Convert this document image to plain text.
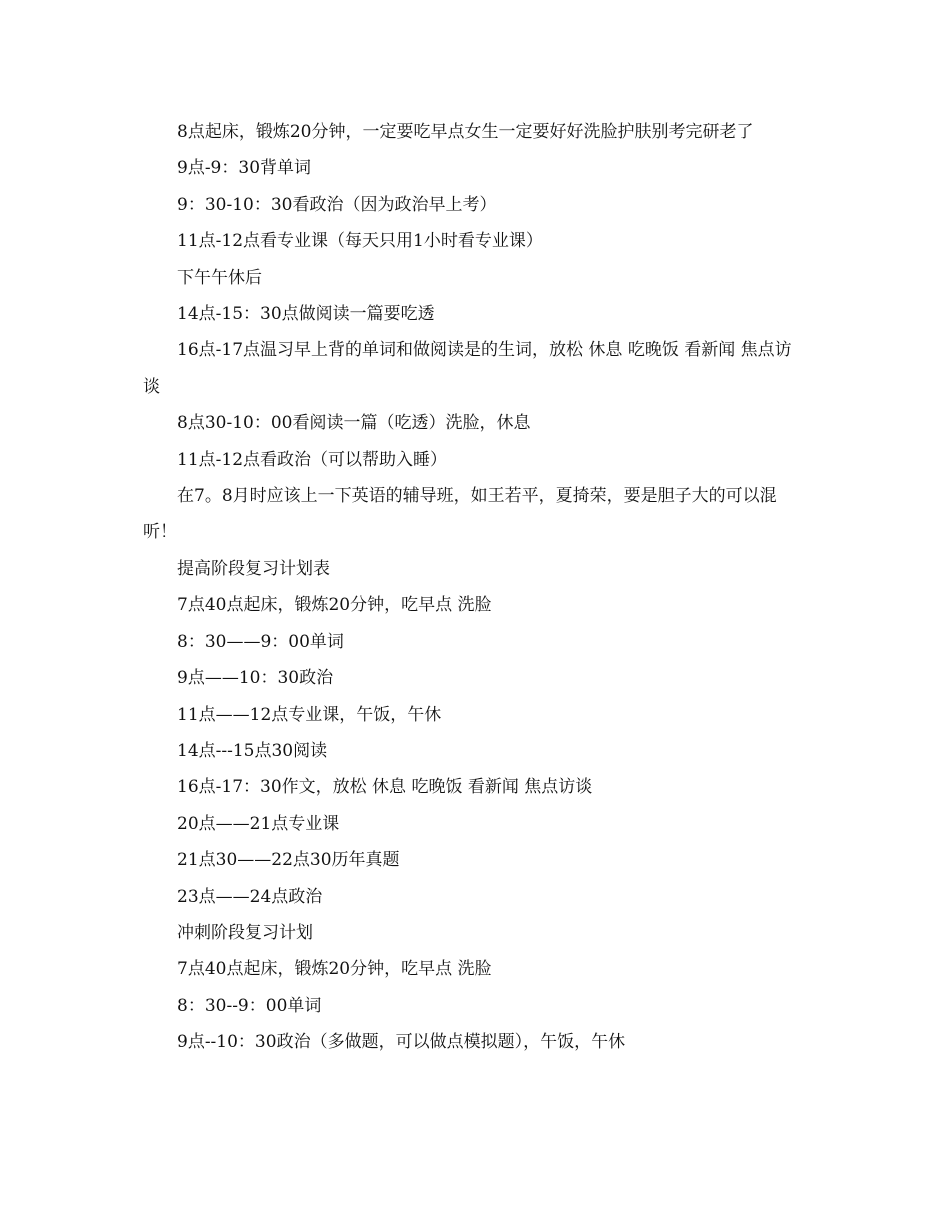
8点起床，锻炼20分钟，一定要吃早点女生一定要好好洗脸护肤别考完研老了

9点-9：30背单词

9：30-10：30看政治（因为政治早上考）

11点-12点看专业课（每天只用1小时看专业课）

下午午休后

14点-15：30点做阅读一篇要吃透

16点-17点温习早上背的单词和做阅读是的生词，放松 休息 吃晚饭 看新闻 焦点访谈

8点30-10：00看阅读一篇（吃透）洗脸，休息

11点-12点看政治（可以帮助入睡）

在7。8月时应该上一下英语的辅导班，如王若平，夏掎荣，要是胆子大的可以混听！

提高阶段复习计划表

7点40点起床，锻炼20分钟，吃早点 洗脸

8：30——9：00单词

9点——10：30政治

11点——12点专业课，午饭，午休

14点---15点30阅读

16点-17：30作文，放松 休息 吃晚饭 看新闻 焦点访谈

20点——21点专业课

21点30——22点30历年真题

23点——24点政治

冲刺阶段复习计划

7点40点起床，锻炼20分钟，吃早点 洗脸

8：30--9：00单词

9点--10：30政治（多做题，可以做点模拟题），午饭，午休
